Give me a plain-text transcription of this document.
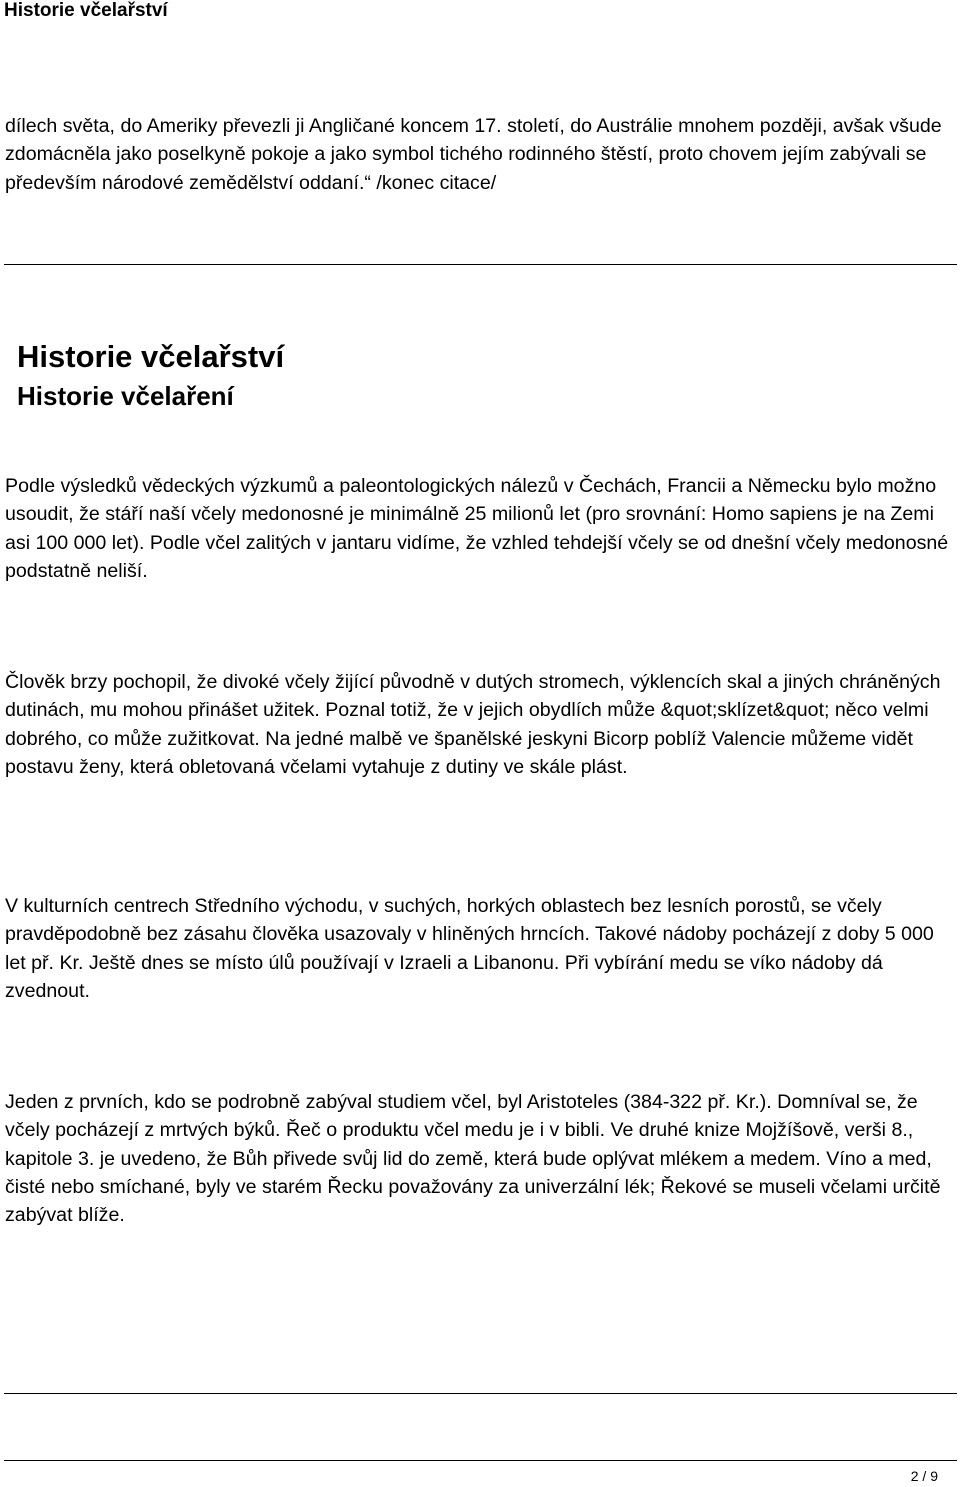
Historie včelařství

dílech světa, do Ameriky převezli ji Angličané koncem 17. století, do Austrálie mnohem později, avšak všude zdomácněla jako poselkyně pokoje a jako symbol tichého rodinného štěstí, proto chovem jejím zabývali se především národové zemědělství oddaní.“ /konec citace/

Historie včelařství
Historie včelaření

Podle výsledků vědeckých výzkumů a paleontologických nálezů v Čechách, Francii a Německu bylo možno usoudit, že stáří naší včely medonosné je minimálně 25 milionů let (pro srovnání: Homo sapiens je na Zemi asi 100 000 let). Podle včel zalitých v jantaru vidíme, že vzhled tehdejší včely se od dnešní včely medonosné podstatně neliší.

Člověk brzy pochopil, že divoké včely žijící původně v dutých stromech, výklencích skal a jiných chráněných dutinách, mu mohou přinášet užitek. Poznal totiž, že v jejich obydlích může &quot;sklízet&quot; něco velmi dobrého, co může zužitkovat. Na jedné malbě ve španělské jeskyni Bicorp poblíž Valencie můžeme vidět postavu ženy, která obletovaná včelami vytahuje z dutiny ve skále plást.

V kulturních centrech Středního východu, v suchých, horkých oblastech bez lesních porostů, se včely pravděpodobně bez zásahu člověka usazovaly v hliněných hrncích. Takové nádoby pocházejí z doby 5 000 let př. Kr. Ještě dnes se místo úlů používají v Izraeli a Libanonu. Při vybírání medu se víko nádoby dá zvednout.

Jeden z prvních, kdo se podrobně zabýval studiem včel, byl Aristoteles (384-322 př. Kr.). Domníval se, že včely pocházejí z mrtvých býků. Řeč o produktu včel medu je i v bibli. Ve druhé knize Mojžíšově, verši 8., kapitole 3. je uvedeno, že Bůh přivede svůj lid do země, která bude oplývat mlékem a medem. Víno a med, čisté nebo smíchané, byly ve starém Řecku považovány za univerzální lék; Řekové se museli včelami určitě zabývat blíže.

2 / 9
